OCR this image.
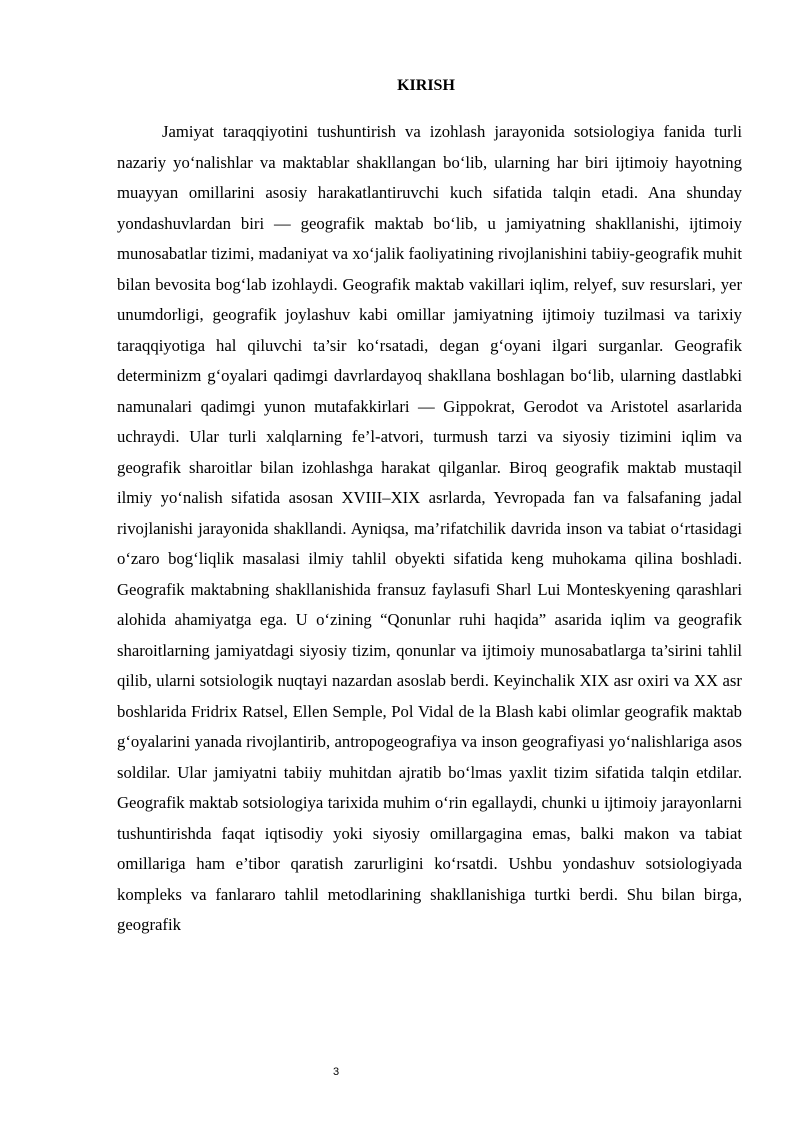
KIRISH

Jamiyat taraqqiyotini tushuntirish va izohlash jarayonida sotsiologiya fanida turli nazariy yo‘nalishlar va maktablar shakllangan bo‘lib, ularning har biri ijtimoiy hayotning muayyan omillarini asosiy harakatlantiruvchi kuch sifatida talqin etadi. Ana shunday yondashuvlardan biri — geografik maktab bo‘lib, u jamiyatning shakllanishi, ijtimoiy munosabatlar tizimi, madaniyat va xo‘jalik faoliyatining rivojlanishini tabiiy-geografik muhit bilan bevosita bog‘lab izohlaydi. Geografik maktab vakillari iqlim, relyef, suv resurslari, yer unumdorligi, geografik joylashuv kabi omillar jamiyatning ijtimoiy tuzilmasi va tarixiy taraqqiyotiga hal qiluvchi ta’sir ko‘rsatadi, degan g‘oyani ilgari surganlar. Geografik determinizm g‘oyalari qadimgi davrlardayoq shakllana boshlagan bo‘lib, ularning dastlabki namunalari qadimgi yunon mutafakkirlari — Gippokrat, Gerodot va Aristotel asarlarida uchraydi. Ular turli xalqlarning fe’l-atvori, turmush tarzi va siyosiy tizimini iqlim va geografik sharoitlar bilan izohlashga harakat qilganlar. Biroq geografik maktab mustaqil ilmiy yo‘nalish sifatida asosan XVIII–XIX asrlarda, Yevropada fan va falsafaning jadal rivojlanishi jarayonida shakllandi. Ayniqsa, ma’rifatchilik davrida inson va tabiat o‘rtasidagi o‘zaro bog‘liqlik masalasi ilmiy tahlil obyekti sifatida keng muhokama qilina boshladi. Geografik maktabning shakllanishida fransuz faylasufi Sharl Lui Monteskyening qarashlari alohida ahamiyatga ega. U o‘zining “Qonunlar ruhi haqida” asarida iqlim va geografik sharoitlarning jamiyatdagi siyosiy tizim, qonunlar va ijtimoiy munosabatlarga ta’sirini tahlil qilib, ularni sotsiologik nuqtayi nazardan asoslab berdi. Keyinchalik XIX asr oxiri va XX asr boshlarida Fridrix Ratsel, Ellen Semple, Pol Vidal de la Blash kabi olimlar geografik maktab g‘oyalarini yanada rivojlantirib, antropogeografiya va inson geografiyasi yo‘nalishlariga asos soldilar. Ular jamiyatni tabiiy muhitdan ajratib bo‘lmas yaxlit tizim sifatida talqin etdilar. Geografik maktab sotsiologiya tarixida muhim o‘rin egallaydi, chunki u ijtimoiy jarayonlarni tushuntirishda faqat iqtisodiy yoki siyosiy omillargagina emas, balki makon va tabiat omillariga ham e’tibor qaratish zarurligini ko‘rsatdi. Ushbu yondashuv sotsiologiyada kompleks va fanlararo tahlil metodlarining shakllanishiga turtki berdi. Shu bilan birga, geografik

3
